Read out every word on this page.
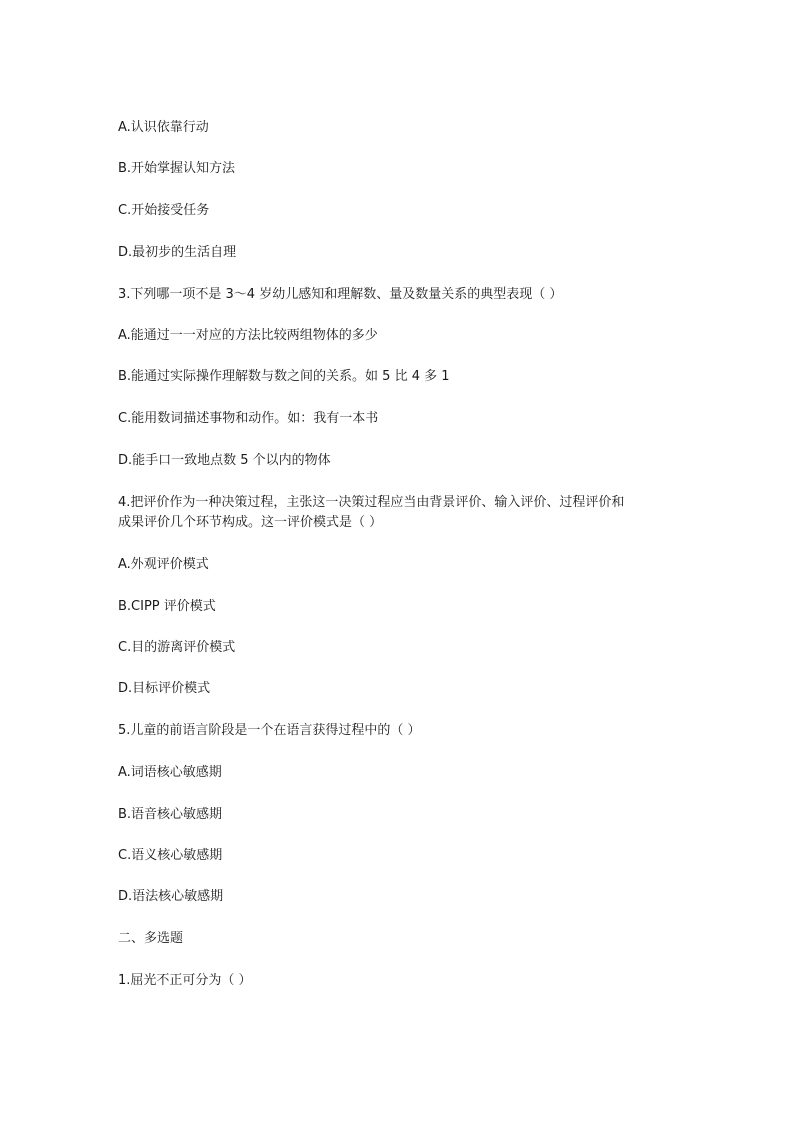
A.认识依靠行动
B.开始掌握认知方法
C.开始接受任务
D.最初步的生活自理
3.下列哪一项不是 3～4 岁幼儿感知和理解数、量及数量关系的典型表现（ ）
A.能通过一一对应的方法比较两组物体的多少
B.能通过实际操作理解数与数之间的关系。如 5 比 4 多 1
C.能用数词描述事物和动作。如：我有一本书
D.能手口一致地点数 5 个以内的物体
4.把评价作为一种决策过程，主张这一决策过程应当由背景评价、输入评价、过程评价和
成果评价几个环节构成。这一评价模式是（ ）
A.外观评价模式
B.CIPP 评价模式
C.目的游离评价模式
D.目标评价模式
5.儿童的前语言阶段是一个在语言获得过程中的（ ）
A.词语核心敏感期
B.语音核心敏感期
C.语义核心敏感期
D.语法核心敏感期
二、多选题
1.屈光不正可分为（ ）
